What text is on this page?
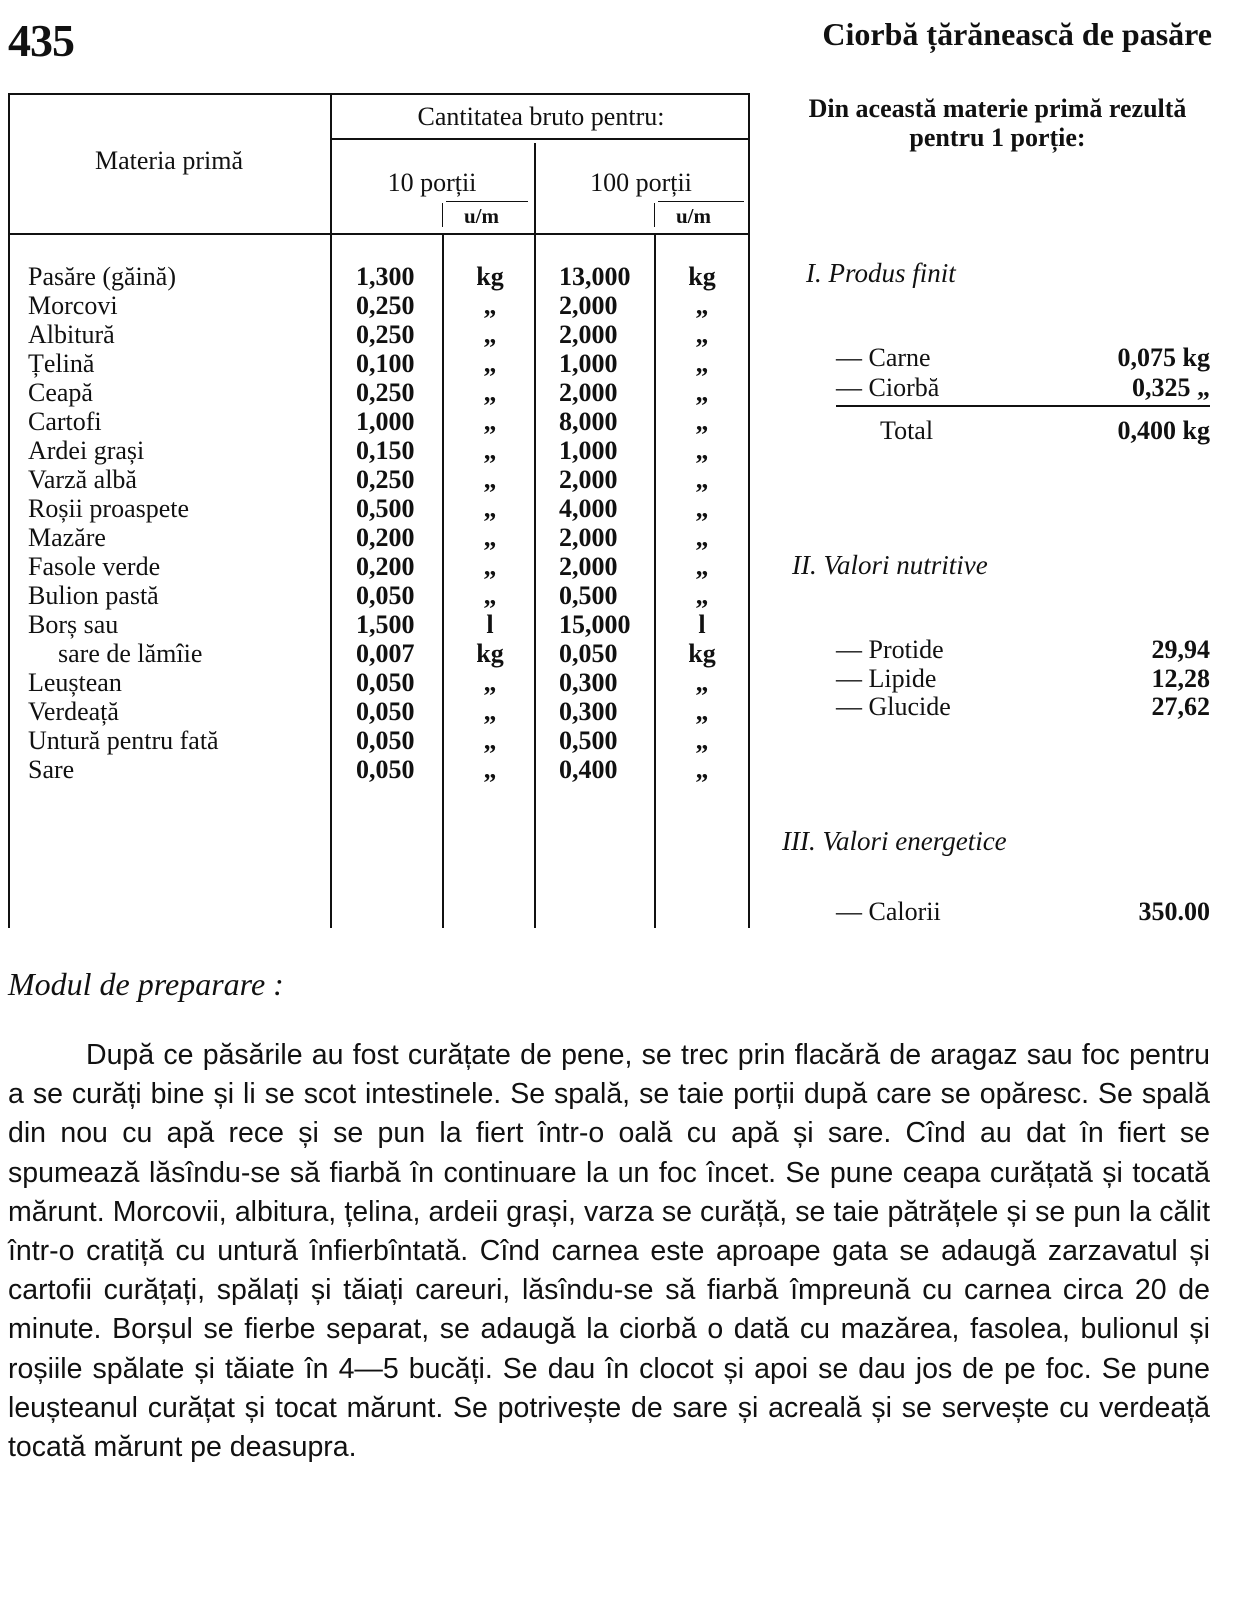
435	Ciorbă țărănească de pasăre
Materia primă
Cantitatea bruto pentru:
10 porții	100 porții
u/m	u/m
Pasăre (găină)	1,300	kg	13,000	kg
Morcovi	0,250	„	2,000	„
Albitură	0,250	„	2,000	„
Țelină	0,100	„	1,000	„
Ceapă	0,250	„	2,000	„
Cartofi	1,000	„	8,000	„
Ardei grași	0,150	„	1,000	„
Varză albă	0,250	„	2,000	„
Roșii proaspete	0,500	„	4,000	„
Mazăre	0,200	„	2,000	„
Fasole verde	0,200	„	2,000	„
Bulion pastă	0,050	„	0,500	„
Borș sau	1,500	l	15,000	l
sare de lămîie	0,007	kg	0,050	kg
Leuștean	0,050	„	0,300	„
Verdeață	0,050	„	0,300	„
Untură pentru fată	0,050	„	0,500	„
Sare	0,050	„	0,400	„
Din această materie primă rezultă pentru 1 porție:
I. Produs finit
— Carne	0,075 kg
— Ciorbă	0,325 „
Total	0,400 kg
II. Valori nutritive
— Protide	29,94
— Lipide	12,28
— Glucide	27,62
III. Valori energetice
— Calorii	350.00
Modul de preparare :
După ce păsările au fost curățate de pene, se trec prin flacără de aragaz sau foc pentru a se curăți bine și li se scot intestinele. Se spală, se taie porții după care se opăresc. Se spală din nou cu apă rece și se pun la fiert într-o oală cu apă și sare. Cînd au dat în fiert se spumează lăsîndu-se să fiarbă în continuare la un foc încet. Se pune ceapa curățată și tocată mărunt. Morcovii, albitura, țelina, ardeii grași, varza se curăță, se taie pătrățele și se pun la călit într-o cratiță cu untură înfierbîntată. Cînd carnea este aproape gata se adaugă zarzavatul și cartofii curățați, spălați și tăiați careuri, lăsîndu-se să fiarbă împreună cu carnea circa 20 de minute. Borșul se fierbe separat, se adaugă la ciorbă o dată cu mazărea, fasolea, bulionul și roșiile spălate și tăiate în 4—5 bucăți. Se dau în clocot și apoi se dau jos de pe foc. Se pune leușteanul curățat și tocat mărunt. Se potrivește de sare și acreală și se servește cu verdeață tocată mărunt pe deasupra.
